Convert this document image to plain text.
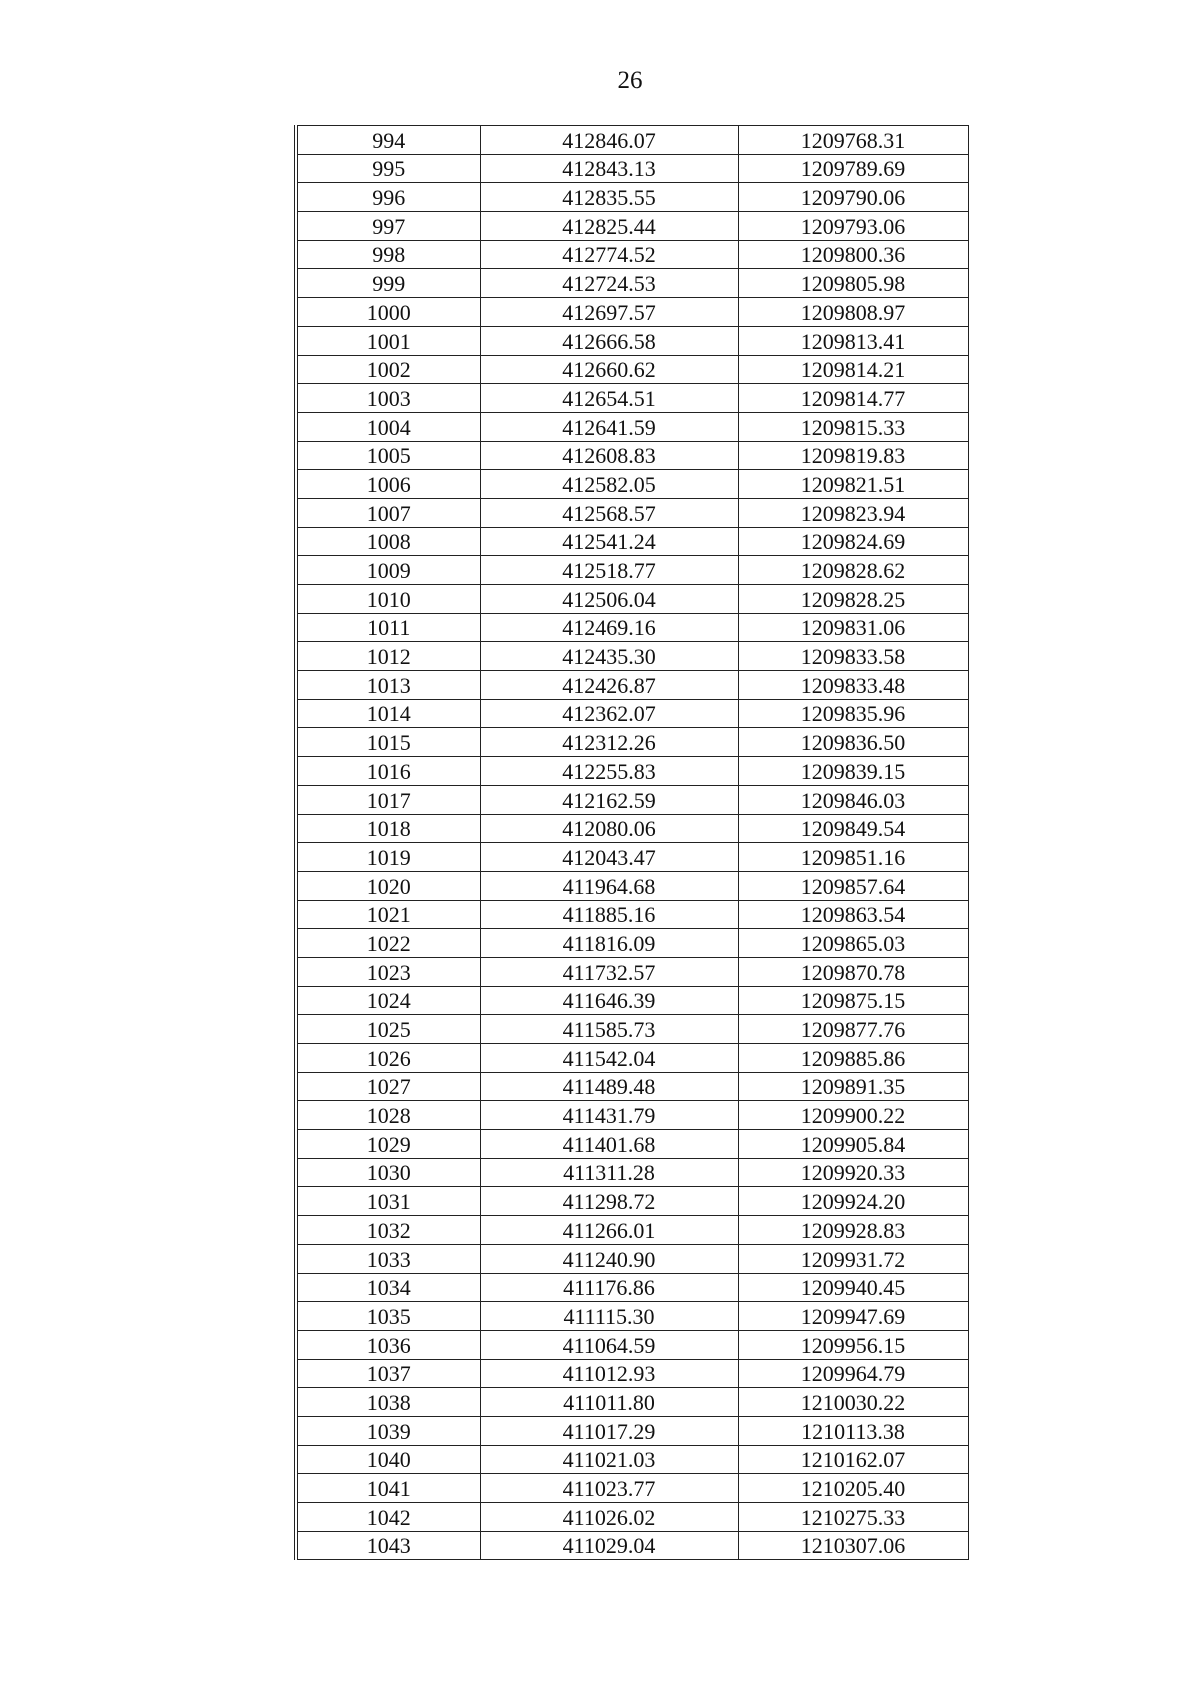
26
994	412846.07	1209768.31
995	412843.13	1209789.69
996	412835.55	1209790.06
997	412825.44	1209793.06
998	412774.52	1209800.36
999	412724.53	1209805.98
1000	412697.57	1209808.97
1001	412666.58	1209813.41
1002	412660.62	1209814.21
1003	412654.51	1209814.77
1004	412641.59	1209815.33
1005	412608.83	1209819.83
1006	412582.05	1209821.51
1007	412568.57	1209823.94
1008	412541.24	1209824.69
1009	412518.77	1209828.62
1010	412506.04	1209828.25
1011	412469.16	1209831.06
1012	412435.30	1209833.58
1013	412426.87	1209833.48
1014	412362.07	1209835.96
1015	412312.26	1209836.50
1016	412255.83	1209839.15
1017	412162.59	1209846.03
1018	412080.06	1209849.54
1019	412043.47	1209851.16
1020	411964.68	1209857.64
1021	411885.16	1209863.54
1022	411816.09	1209865.03
1023	411732.57	1209870.78
1024	411646.39	1209875.15
1025	411585.73	1209877.76
1026	411542.04	1209885.86
1027	411489.48	1209891.35
1028	411431.79	1209900.22
1029	411401.68	1209905.84
1030	411311.28	1209920.33
1031	411298.72	1209924.20
1032	411266.01	1209928.83
1033	411240.90	1209931.72
1034	411176.86	1209940.45
1035	411115.30	1209947.69
1036	411064.59	1209956.15
1037	411012.93	1209964.79
1038	411011.80	1210030.22
1039	411017.29	1210113.38
1040	411021.03	1210162.07
1041	411023.77	1210205.40
1042	411026.02	1210275.33
1043	411029.04	1210307.06
